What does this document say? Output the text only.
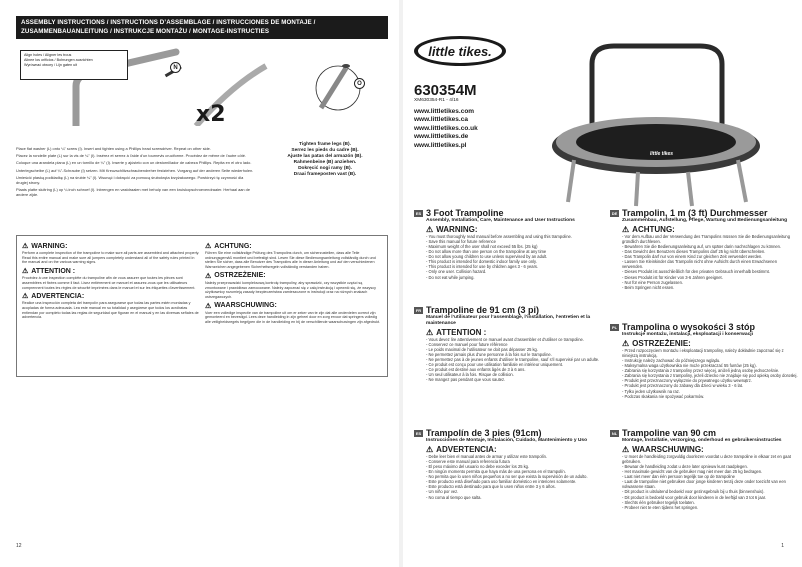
ASSEMBLY INSTRUCTIONS / INSTRUCTIONS D’ASSEMBLAGE / INSTRUCCIONES DE MONTAJE / ZUSAMMENBAUANLEITUNG / INSTRUKCJE MONTAŻU / MONTAGE-INSTRUCTIES
Align holes / Aligner les trous
Alinee los orificios / Bohrungen ausrichten
Wyrównać otwory / Lijn gaten uit
N
O
x2
Tighten frame legs (B).
Serrez les pieds du cadre (B).
Ajuste las patas del armazón (B).
Rahmenbeine (B) anziehen.
Dokręcić nogi ramy (B).
Draai frameposten vast (B).

Place flat washer (L) onto ¼" screw (I). Insert and tighten using a Phillips head screwdriver. Repeat on other side.

Placez la rondelle plate (L) sur la vis de ¼" (I). Insérez et serrez à l’aide d’un tournevis cruciforme. Procédez de même de l’autre côté.

Coloque una arandela plana (L) en un tornillo de ¼" (I). Inserte y ajústelo con un destornillador de cabeza Phillips. Repita en el otro lado.

Unterlegscheibe (L) auf ¼"-Schraube (I) setzen. Mit Kreuzschlitzschraubendreher festziehen. Vorgang auf der anderen Seite wiederholen.

Umieścić płaską podkładkę (L) na śrubie ¼" (I). Wsunąć i dokręcić za pomocą śrubokręta krzyżakowego. Powtórzyć tę czynność dla drugiej strony.

Plaats platte sluitring (L) op ¼ inch schroef (I). Inbrengen en vastdraaien met behulp van een kruiskopschroevendraaier. Herhaal aan de andere zijde.

⚠ WARNING:
Perform a complete inspection of the trampoline to make sure all parts are assembled and attached properly. Read this entire manual and make sure all jumpers completely understand all of the safety rules printed in the manual and on the various warning signs.
⚠ ATTENTION :
Procédez à une inspection complète du trampoline afin de vous assurer que toutes les pièces sont assemblées et fixées comme il faut. Lisez entièrement ce manuel et assurez-vous que les utilisateurs comprennent toutes les règles de sécurité imprimées dans le manuel et sur les étiquettes d’avertissement.
⚠ ADVERTENCIA:
Realice una inspección completa del trampolín para asegurarse que todas las partes estén montadas y acopladas de forma adecuada. Lea este manual en su totalidad y asegúrese que todos los acróbatas entiendan por completo todas las reglas de seguridad que figuran en el manual y en las diversas señales de advertencia.
⚠ ACHTUNG:
Führen Sie eine vollständige Prüfung des Trampolins durch, um sicherzustellen, dass alle Teile ordnungsgemäß montiert und befestigt sind. Lesen Sie diese Bedienungsanleitung vollständig durch und stellen Sie sicher, dass alle Benutzer des Trampolins alle in dieser Anleitung und auf den verschiedenen Warnzeichen angegebenen Sicherheitsregeln vollständig verstanden haben.
⚠ OSTRZEŻENIE:
Należy przeprowadzić kompleksową kontrolę trampoliny, aby sprawdzić, czy wszystkie części są zmontowane i prawidłowo zamocowane. Należy zapoznać się z całą instrukcją i upewnić się, że wszyscy użytkownicy rozumieją zasady bezpieczeństwa zamieszczone w instrukcji oraz na różnych znakach ostrzegawczych.
⚠ WAARSCHUWING:
Voer een volledige inspectie van de trampoline uit om er zeker van te zijn dat alle onderdelen correct zijn gemonteerd en bevestigd. Lees deze handleiding in zijn geheel door en zorg ervoor dat springers volledig alle veiligheidsregels begrijpen die in de handleiding en bij de verschillende waarschuwingen zijn afgedrukt.
12
little tikes.
630354M
XM630354-R1 - 4/16
www.littletikes.com
www.littletikes.ca
www.littletikes.co.uk
www.littletikes.de
www.littletikes.pl
little tikes
ES 3 Foot Trampoline
Assembly, Installation, Care, Maintenance and User Instructions
⚠ WARNING:
- You must thoroughly read manual before assembling and using this trampoline.
- Save this manual for future reference
- Maximum weight of the user shall not exceed 55 lbs. (25 kg)
- Do not allow more than one person on the trampoline at any time
- Do not allow young children to use unless supervised by an adult.
- This product is intended for domestic indoor family use only.
- This product is intended for use by children ages 3 - 6 years.
- Only one user. Collision hazard.
- Do not eat while jumping.
FR Trampoline de 91 cm (3 pi)
Manuel de l’utilisateur pour l’assemblage, l’installation, l’entretien et la maintenance
⚠ ATTENTION :
- Vous devez lire attentivement ce manuel avant d’assembler et d’utiliser ce trampoline.
- Conservez ce manuel pour future référence
- Le poids maximal de l’utilisateur ne doit pas dépasser 25 kg.
- Ne permettez jamais plus d’une personne à la fois sur le trampoline.
- Ne permettez pas à de jeunes enfants d’utiliser le trampoline, sauf s’il supervisé par un adulte.
- Ce produit est conçu pour une utilisation familiale en intérieur uniquement.
- Ce produit est destiné aux enfants âgés de 3 à 6 ans.
- Un seul utilisateur à la fois. Risque de collision.
- Ne mangez pas pendant que vous sautez.
ES Trampolín de 3 pies (91cm)
Instrucciones de Montaje, Instalación, Cuidado, Mantenimiento y Uso
⚠ ADVERTENCIA:
- Debe leer bien el manual antes de armar y utilizar este trampolín.
- Conserve este manual para referencia futura
- El peso máximo del usuario no debe exceder los 25 kg.
- En ningún momento permita que haya más de una persona en el trampolín.
- No permita que lo usen niños pequeños a no ser que exista la supervisión de un adulto.
- Este producto está diseñado para uso familiar doméstico en interiores solamente.
- Este producto está destinado para que lo usen niños entre 3 y 6 años.
- Un niño por vez.
- No coma al tiempo que salta.
DE Trampolin, 1 m (3 ft) Durchmesser
Zusammenbau, Aufstellung, Pflege, Wartung und Bedienungsanleitung
⚠ ACHTUNG:
- Vor dem Aufbau und der Verwendung des Trampolins müssen Sie die Bedienungsanleitung gründlich durchlesen.
- Bewahren Sie die Bedienungsanleitung auf, um später darin nachschlagen zu können.
- Das Gewicht des Benutzers dieses Trampolins darf 25 kg nicht überschreiten.
- Das Trampolin darf nur von einem Kind zur gleichen Zeit verwendet werden.
- Lassen Sie Kleinkinder das Trampolin nicht ohne Aufsicht durch einen Erwachsenen verwenden.
- Dieses Produkt ist ausschließlich für den privaten Gebrauch innerhalb bestimmt.
- Dieses Produkt ist für Kinder von 3-6 Jahren geeignet.
- Nur für eine Person zugelassen.
- Beim Springen nicht essen.
PL Trampolina o wysokości 3 stóp
Instrukcje montażu, instalacji, eksploatacji i konserwacji
⚠ OSTRZEŻENIE:
- Przed rozpoczęciem montażu i eksploatacji trampoliny, należy dokładnie zapoznać się z niniejszą instrukcją.
- Instrukcję należy zachować do późniejszego wglądu.
- Maksymalna waga użytkownika nie może przekraczać 55 funtów (25 kg).
- Zabrania się korzystania z trampoliny przez więcej, aniżeli jedną osobę jednocześnie.
- Zabrania się korzystania z trampoliny, jeżeli dziecko nie znajduje się pod opieką osoby dorosłej.
- Produkt jest przeznaczony wyłącznie do prywatnego użytku wewnątrz.
- Produkt jest przeznaczony do zabawy dla dzieci w wieku 3 - 6 lat.
- Tylko jeden użytkownik na raz.
- Podczas skakania nie spożywać pokarmów.
NL Trampoline van 90 cm
Montage, Installatie, verzorging, onderhoud en gebruikersinstructies
⚠ WAARSCHUWING:
- U moet de handleiding zorgvuldig doorlezen voordat u deze trampoline in elkaar zet en gaat gebruiken.
- Bewaar de handleiding zodat u deze later opnieuw kunt raadplegen.
- Het maximale gewicht van de gebruiker mag niet meer dan 25 kg bedragen.
- Laat niet meer dan één persoon tegelijk toe op de trampoline
- Laat de trampoline niet gebruiken door jonge kinderen tenzij deze onder toezicht van een volwassene staan.
- Dit product is uitsluitend bedoeld voor gezinsgebruik bij u thuis (binnenshuis).
- Dit product is bedoeld voor gebruik door kinderen in de leeftijd van 3 tot 6 jaar.
- Slechts één gebruiker tegelijk toelaten.
- Probeer niet te eten tijdens het springen.
1
